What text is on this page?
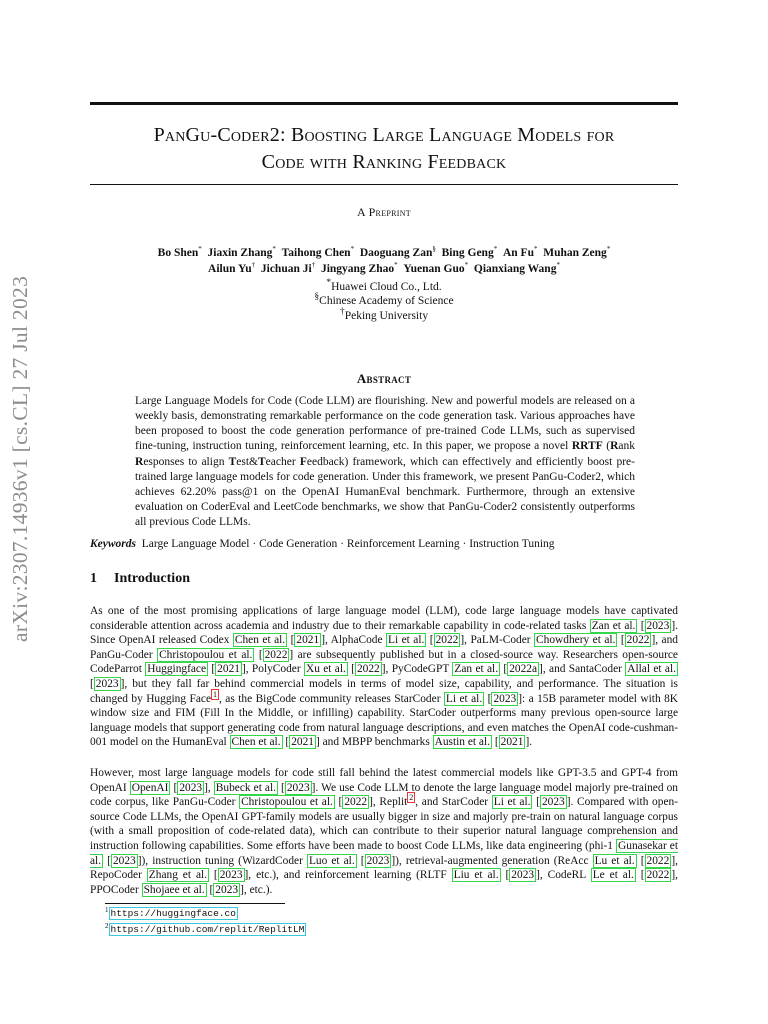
arXiv:2307.14936v1 [cs.CL] 27 Jul 2023
PanGu-Coder2: Boosting Large Language Models for
Code with Ranking Feedback
A Preprint
Bo Shen*  Jiaxin Zhang*  Taihong Chen*  Daoguang Zan§  Bing Geng*  An Fu*  Muhan Zeng*
Ailun Yu†  Jichuan Ji†  Jingyang Zhao*  Yuenan Guo*  Qianxiang Wang*
*Huawei Cloud Co., Ltd.
§Chinese Academy of Science
†Peking University
Abstract
Large Language Models for Code (Code LLM) are flourishing. New and powerful models are released on a weekly basis, demonstrating remarkable performance on the code generation task. Various approaches have been proposed to boost the code generation performance of pre-trained Code LLMs, such as supervised fine-tuning, instruction tuning, reinforcement learning, etc. In this paper, we propose a novel RRTF (Rank Responses to align Test&Teacher Feedback) framework, which can effectively and efficiently boost pre-trained large language models for code generation. Under this framework, we present PanGu-Coder2, which achieves 62.20% pass@1 on the OpenAI HumanEval benchmark. Furthermore, through an extensive evaluation on CoderEval and LeetCode benchmarks, we show that PanGu-Coder2 consistently outperforms all previous Code LLMs.
Keywords Large Language Model · Code Generation · Reinforcement Learning · Instruction Tuning
1 Introduction
As one of the most promising applications of large language model (LLM), code large language models have captivated considerable attention across academia and industry due to their remarkable capability in code-related tasks Zan et al. [ 2023 ]. Since OpenAI released Codex Chen et al. [ 2021 ], AlphaCode Li et al. [ 2022 ], PaLM-Coder Chowdhery et al. [ 2022 ], and PanGu-Coder Christopoulou et al. [ 2022 ] are subsequently published but in a closed-source way. Researchers open-source CodeParrot Huggingface [ 2021 ], PolyCoder Xu et al. [ 2022 ], PyCodeGPT Zan et al. [ 2022a ], and SantaCoder Allal et al. [ 2023 ], but they fall far behind commercial models in terms of model size, capability, and performance. The situation is changed by Hugging Face $^1$ , as the BigCode community releases StarCoder Li et al. [ 2023 ]: a 15B parameter model with 8K window size and FIM (Fill In the Middle, or infilling) capability. StarCoder outperforms many previous open-source large language models that support generating code from natural language descriptions, and even matches the OpenAI code-cushman-001 model on the HumanEval Chen et al. [ 2021 ] and MBPP benchmarks Austin et al. [ 2021 ].
However, most large language models for code still fall behind the latest commercial models like GPT-3.5 and GPT-4 from OpenAI OpenAI [ 2023 ], Bubeck et al. [ 2023 ]. We use Code LLM to denote the large language model majorly pre-trained on code corpus, like PanGu-Coder Christopoulou et al. [ 2022 ], Replit $^2$ , and StarCoder Li et al. [ 2023 ]. Compared with open-source Code LLMs, the OpenAI GPT-family models are usually bigger in size and majorly pre-train on natural language corpus (with a small proposition of code-related data), which can contribute to their superior natural language comprehension and instruction following capabilities. Some efforts have been made to boost Code LLMs, like data engineering (phi-1 Gunasekar et al. [ 2023 ]), instruction tuning (WizardCoder Luo et al. [ 2023 ]), retrieval-augmented generation (ReAcc Lu et al. [ 2022 ], RepoCoder Zhang et al. [ 2023 ], etc.), and reinforcement learning (RLTF Liu et al. [ 2023 ], CodeRL Le et al. [ 2022 ], PPOCoder Shojaee et al. [ 2023 ], etc.).
$^1$ https://huggingface.co
$^2$ https://github.com/replit/ReplitLM
